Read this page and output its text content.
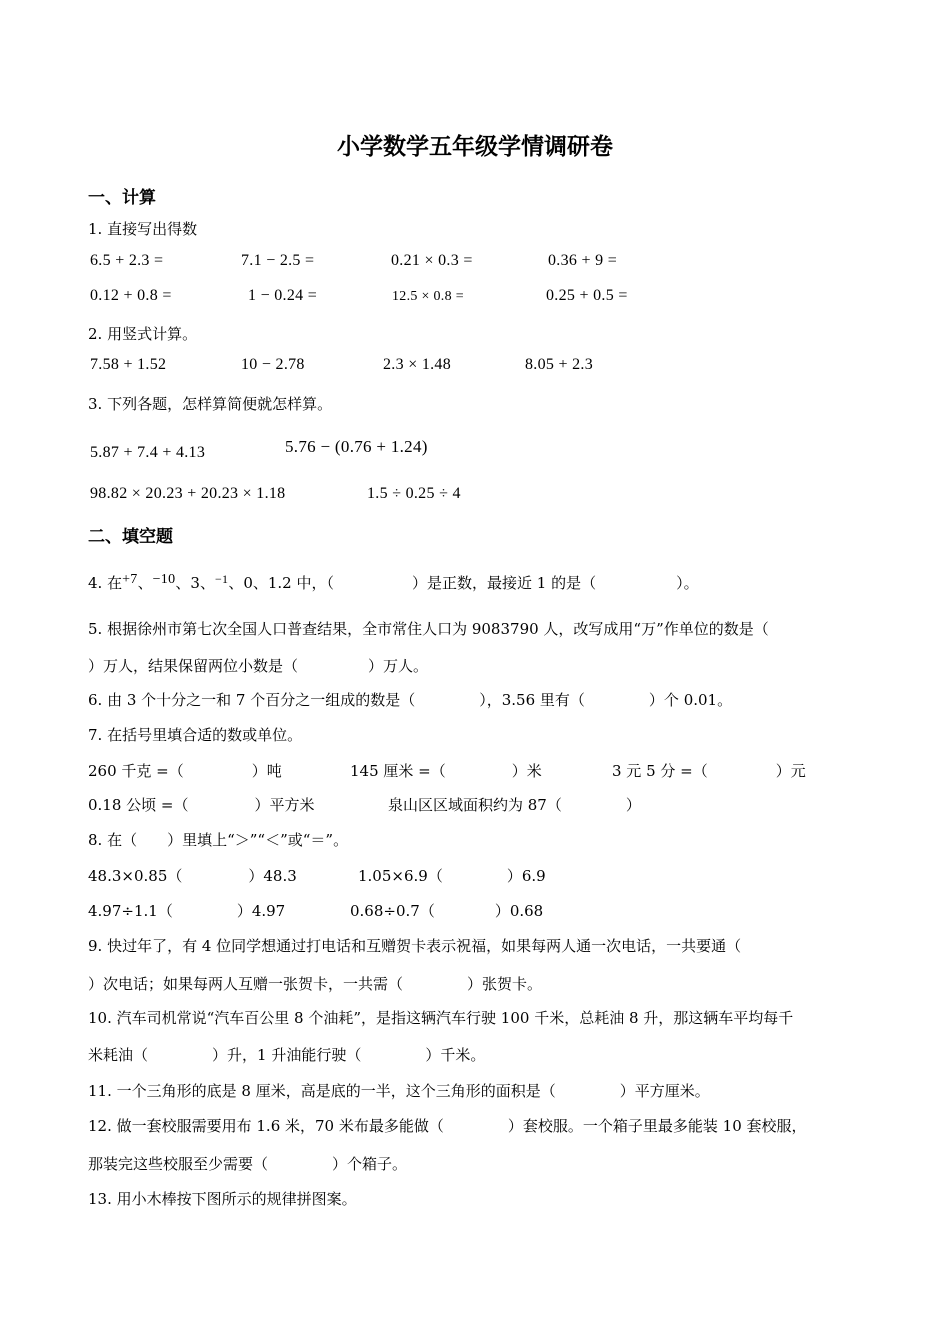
小学数学五年级学情调研卷
一、计算
1. 直接写出得数
6.5 + 2.3 =	7.1 − 2.5 =	0.21 × 0.3 =	0.36 + 9 =
0.12 + 0.8 =	1 − 0.24 =	12.5 × 0.8 =	0.25 + 0.5 =
2. 用竖式计算。
7.58 + 1.52	10 − 2.78	2.3 × 1.48	8.05 + 2.3
3. 下列各题，怎样算简便就怎样算。
5.87 + 7.4 + 4.13	5.76 − (0.76 + 1.24)
98.82 × 20.23 + 20.23 × 1.18	1.5 ÷ 0.25 ÷ 4
二、填空题
4. 在+7、−10、3、$^{-1}$、0、1.2 中，（	）是正数，最接近 1 的是（	）。
5. 根据徐州市第七次全国人口普查结果，全市常住人口为 9083790 人，改写成用“万”作单位的数是（
）万人，结果保留两位小数是（	）万人。
6. 由 3 个十分之一和 7 个百分之一组成的数是（	），3.56 里有（	）个 0.01。
7. 在括号里填合适的数或单位。
260 千克 =（	）吨	145 厘米 =（	）米	3 元 5 分 =（	）元
0.18 公顷 =（	）平方米	泉山区区域面积约为 87（	）
8. 在（　　）里填上“＞”“＜”或“＝”。
48.3×0.85（	）48.3	1.05×6.9（	）6.9
4.97÷1.1（	）4.97	0.68÷0.7（	）0.68
9. 快过年了，有 4 位同学想通过打电话和互赠贺卡表示祝福，如果每两人通一次电话，一共要通（
）次电话；如果每两人互赠一张贺卡，一共需（	）张贺卡。
10. 汽车司机常说“汽车百公里 8 个油耗”，是指这辆汽车行驶 100 千米，总耗油 8 升，那这辆车平均每千
米耗油（	）升，1 升油能行驶（	）千米。
11. 一个三角形的底是 8 厘米，高是底的一半，这个三角形的面积是（	）平方厘米。
12. 做一套校服需要用布 1.6 米，70 米布最多能做（	）套校服。一个箱子里最多能装 10 套校服，
那装完这些校服至少需要（	）个箱子。
13. 用小木棒按下图所示的规律拼图案。
